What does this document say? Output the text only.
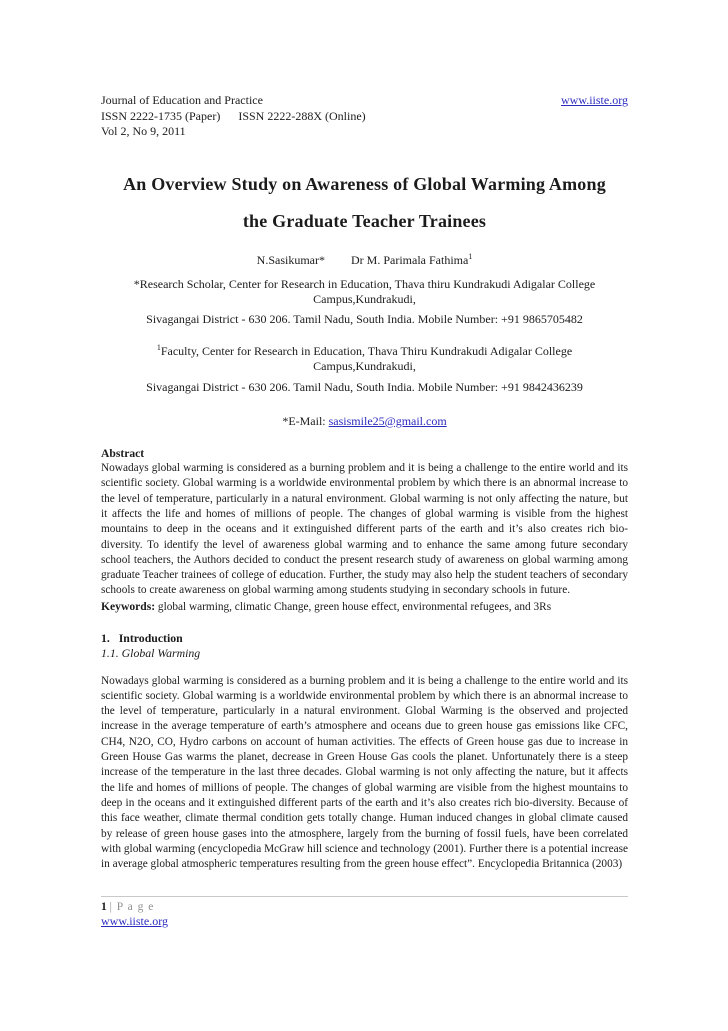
Journal of Education and Practice
ISSN 2222-1735 (Paper)      ISSN 2222-288X (Online)
Vol 2, No 9, 2011
www.iiste.org
An Overview Study on Awareness of Global Warming Among
the Graduate Teacher Trainees
N.Sasikumar* Dr M. Parimala Fathima$^1$
*Research Scholar, Center for Research in Education, Thava thiru Kundrakudi Adigalar College
Campus,Kundrakudi,
Sivagangai District - 630 206. Tamil Nadu, South India. Mobile Number: +91 9865705482
$^1$Faculty, Center for Research in Education, Thava Thiru Kundrakudi Adigalar College
Campus,Kundrakudi,
Sivagangai District - 630 206. Tamil Nadu, South India. Mobile Number: +91 9842436239
*E-Mail: sasismile25@gmail.com
Abstract
Nowadays global warming is considered as a burning problem and it is being a challenge to the entire world and its scientific society. Global warming is a worldwide environmental problem by which there is an abnormal increase to the level of temperature, particularly in a natural environment. Global warming is not only affecting the nature, but it affects the life and homes of millions of people. The changes of global warming is visible from the highest mountains to deep in the oceans and it extinguished different parts of the earth and it’s also creates rich bio-diversity. To identify the level of awareness global warming and to enhance the same among future secondary school teachers, the Authors decided to conduct the present research study of awareness on global warming among graduate Teacher trainees of college of education. Further, the study may also help the student teachers of secondary schools to create awareness on global warming among students studying in secondary schools in future.
Keywords: global warming, climatic Change, green house effect, environmental refugees, and 3Rs
1.   Introduction
1.1. Global Warming
Nowadays global warming is considered as a burning problem and it is being a challenge to the entire world and its scientific society. Global warming is a worldwide environmental problem by which there is an abnormal increase to the level of temperature, particularly in a natural environment. Global Warming is the observed and projected increase in the average temperature of earth’s atmosphere and oceans due to green house gas emissions like CFC, CH4, N2O, CO, Hydro carbons on account of human activities. The effects of Green house gas due to increase in Green House Gas warms the planet, decrease in Green House Gas cools the planet. Unfortunately there is a steep increase of the temperature in the last three decades. Global warming is not only affecting the nature, but it affects the life and homes of millions of people. The changes of global warming are visible from the highest mountains to deep in the oceans and it extinguished different parts of the earth and it’s also creates rich bio-diversity. Because of this face weather, climate thermal condition gets totally change. Human induced changes in global climate caused by release of green house gases into the atmosphere, largely from the burning of fossil fuels, have been correlated with global warming (encyclopedia McGraw hill science and technology (2001). Further there is a potential increase in average global atmospheric temperatures resulting from the green house effect”. Encyclopedia Britannica (2003)
1 | P a g e
www.iiste.org
